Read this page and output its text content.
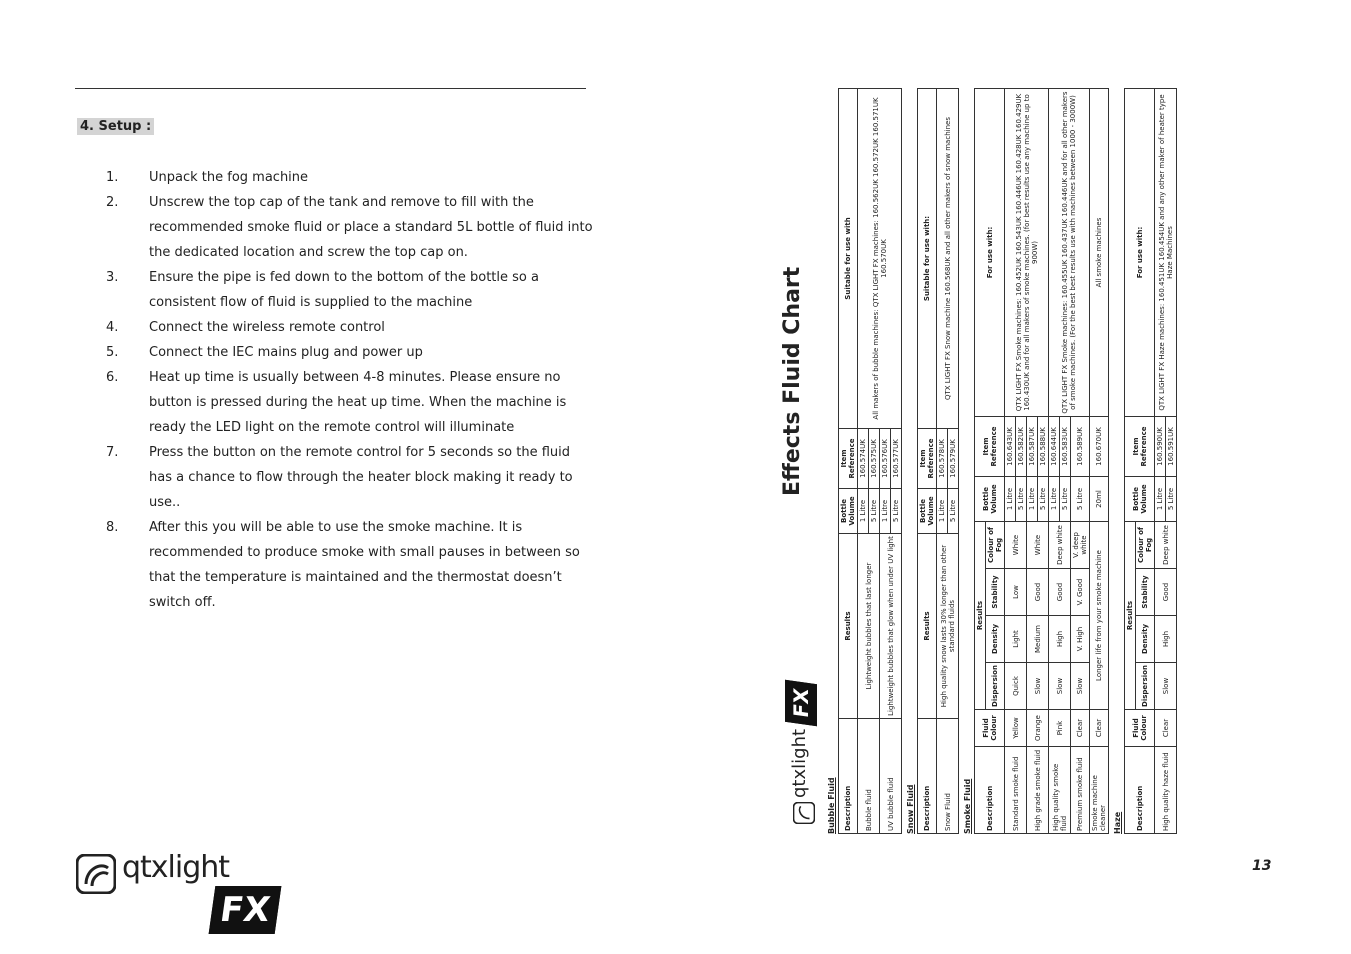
4. Setup :
1.	Unpack the fog machine
2.	Unscrew the top cap of the tank and remove to fill with the recommended smoke fluid or place a standard 5L bottle of fluid into the dedicated location and screw the top cap on.
3.	Ensure the pipe is fed down to the bottom of the bottle so a consistent flow of fluid is supplied to the machine
4.	Connect the wireless remote control
5.	Connect the IEC mains plug and power up
6.	Heat up time is usually between 4-8 minutes. Please ensure no button is pressed during the heat up time. When the machine is ready the LED light on the remote control will illuminate
7.	Press the button on the remote control for 5 seconds so the fluid has a chance to flow through the heater block making it ready to use..
8.	After this you will be able to use the smoke machine. It is recommended to produce smoke with small pauses in between so that the temperature is maintained and the thermostat doesn’t switch off.
qtxlight
FX
qtxlight
FX
Effects Fluid Chart
Bubble Fluid Description	Results	Bottle Volume	Item Reference	Suitable for use with
Bubble fluid	Lightweight bubbles that last longer	1 Litre	160.574UK	All makers of bubble machines: QTX LIGHT FX machines: 160.562UK 160.572UK 160.571UK 160.570UK
		5 Litre	160.575UK	
UV bubble fluid	Lightweight bubbles that glow when under UV light	1 Litre	160.576UK	
		5 Litre	160.577UK	
Snow Fluid Description	Results	Bottle Volume	Item Reference	Suitable for use with:
Snow Fluid	High quality snow lasts 30% longer than other standard fluids	1 Litre	160.578UK	QTX LIGHT FX Snow machine 160.568UK and all other makers of snow machines
		5 Litre	160.579UK	
Smoke Fluid Description	Fluid Colour	Results				Bottle Volume	Item Reference	For use with:
		Dispersion	Density	Stability	Colour of Fog			
Standard smoke fluid	Yellow	Quick	Light	Low	White	1 Litre	160.643UK	QTX LIGHT FX Smoke machines: 160.452UK 160.543UK 160.446UK 160.428UK 160.429UK 160.430UK and for all makers of smoke machines. (for best results use any machine up to 900W)
						5 Litre	160.582UK	
High grade smoke fluid	Orange	Slow	Medium	Good	White	1 Litre	160.587UK	
						5 Litre	160.588UK	
High quality smoke fluid	Pink	Slow	High	Good	Deep white	1 Litre	160.644UK	QTX LIGHT FX Smoke machines: 160.455UK 160.437UK 160.446UK and for all other makers of smoke machines. (For the best best results use with machines between 1000 - 3000W)
						5 Litre	160.583UK	
Premium smoke fluid	Clear	Slow	V. High	V. Good	V. deep white	5 Litre	160.589UK	
Smoke machine cleaner	Clear	Longer life from your smoke machine				20ml	160.670UK	All smoke machines
Haze Description	Fluid Colour	Results				Bottle Volume	Item Reference	For use with:
		Dispersion	Density	Stability	Colour of Fog			
High quality haze fluid	Clear	Slow	High	Good	Deep white	1 Litre	160.590UK	QTX LIGHT FX Haze machines: 160.451UK 160.454UK and any other maker of heater type Haze Machines
						5 Litre	160.591UK	
13
